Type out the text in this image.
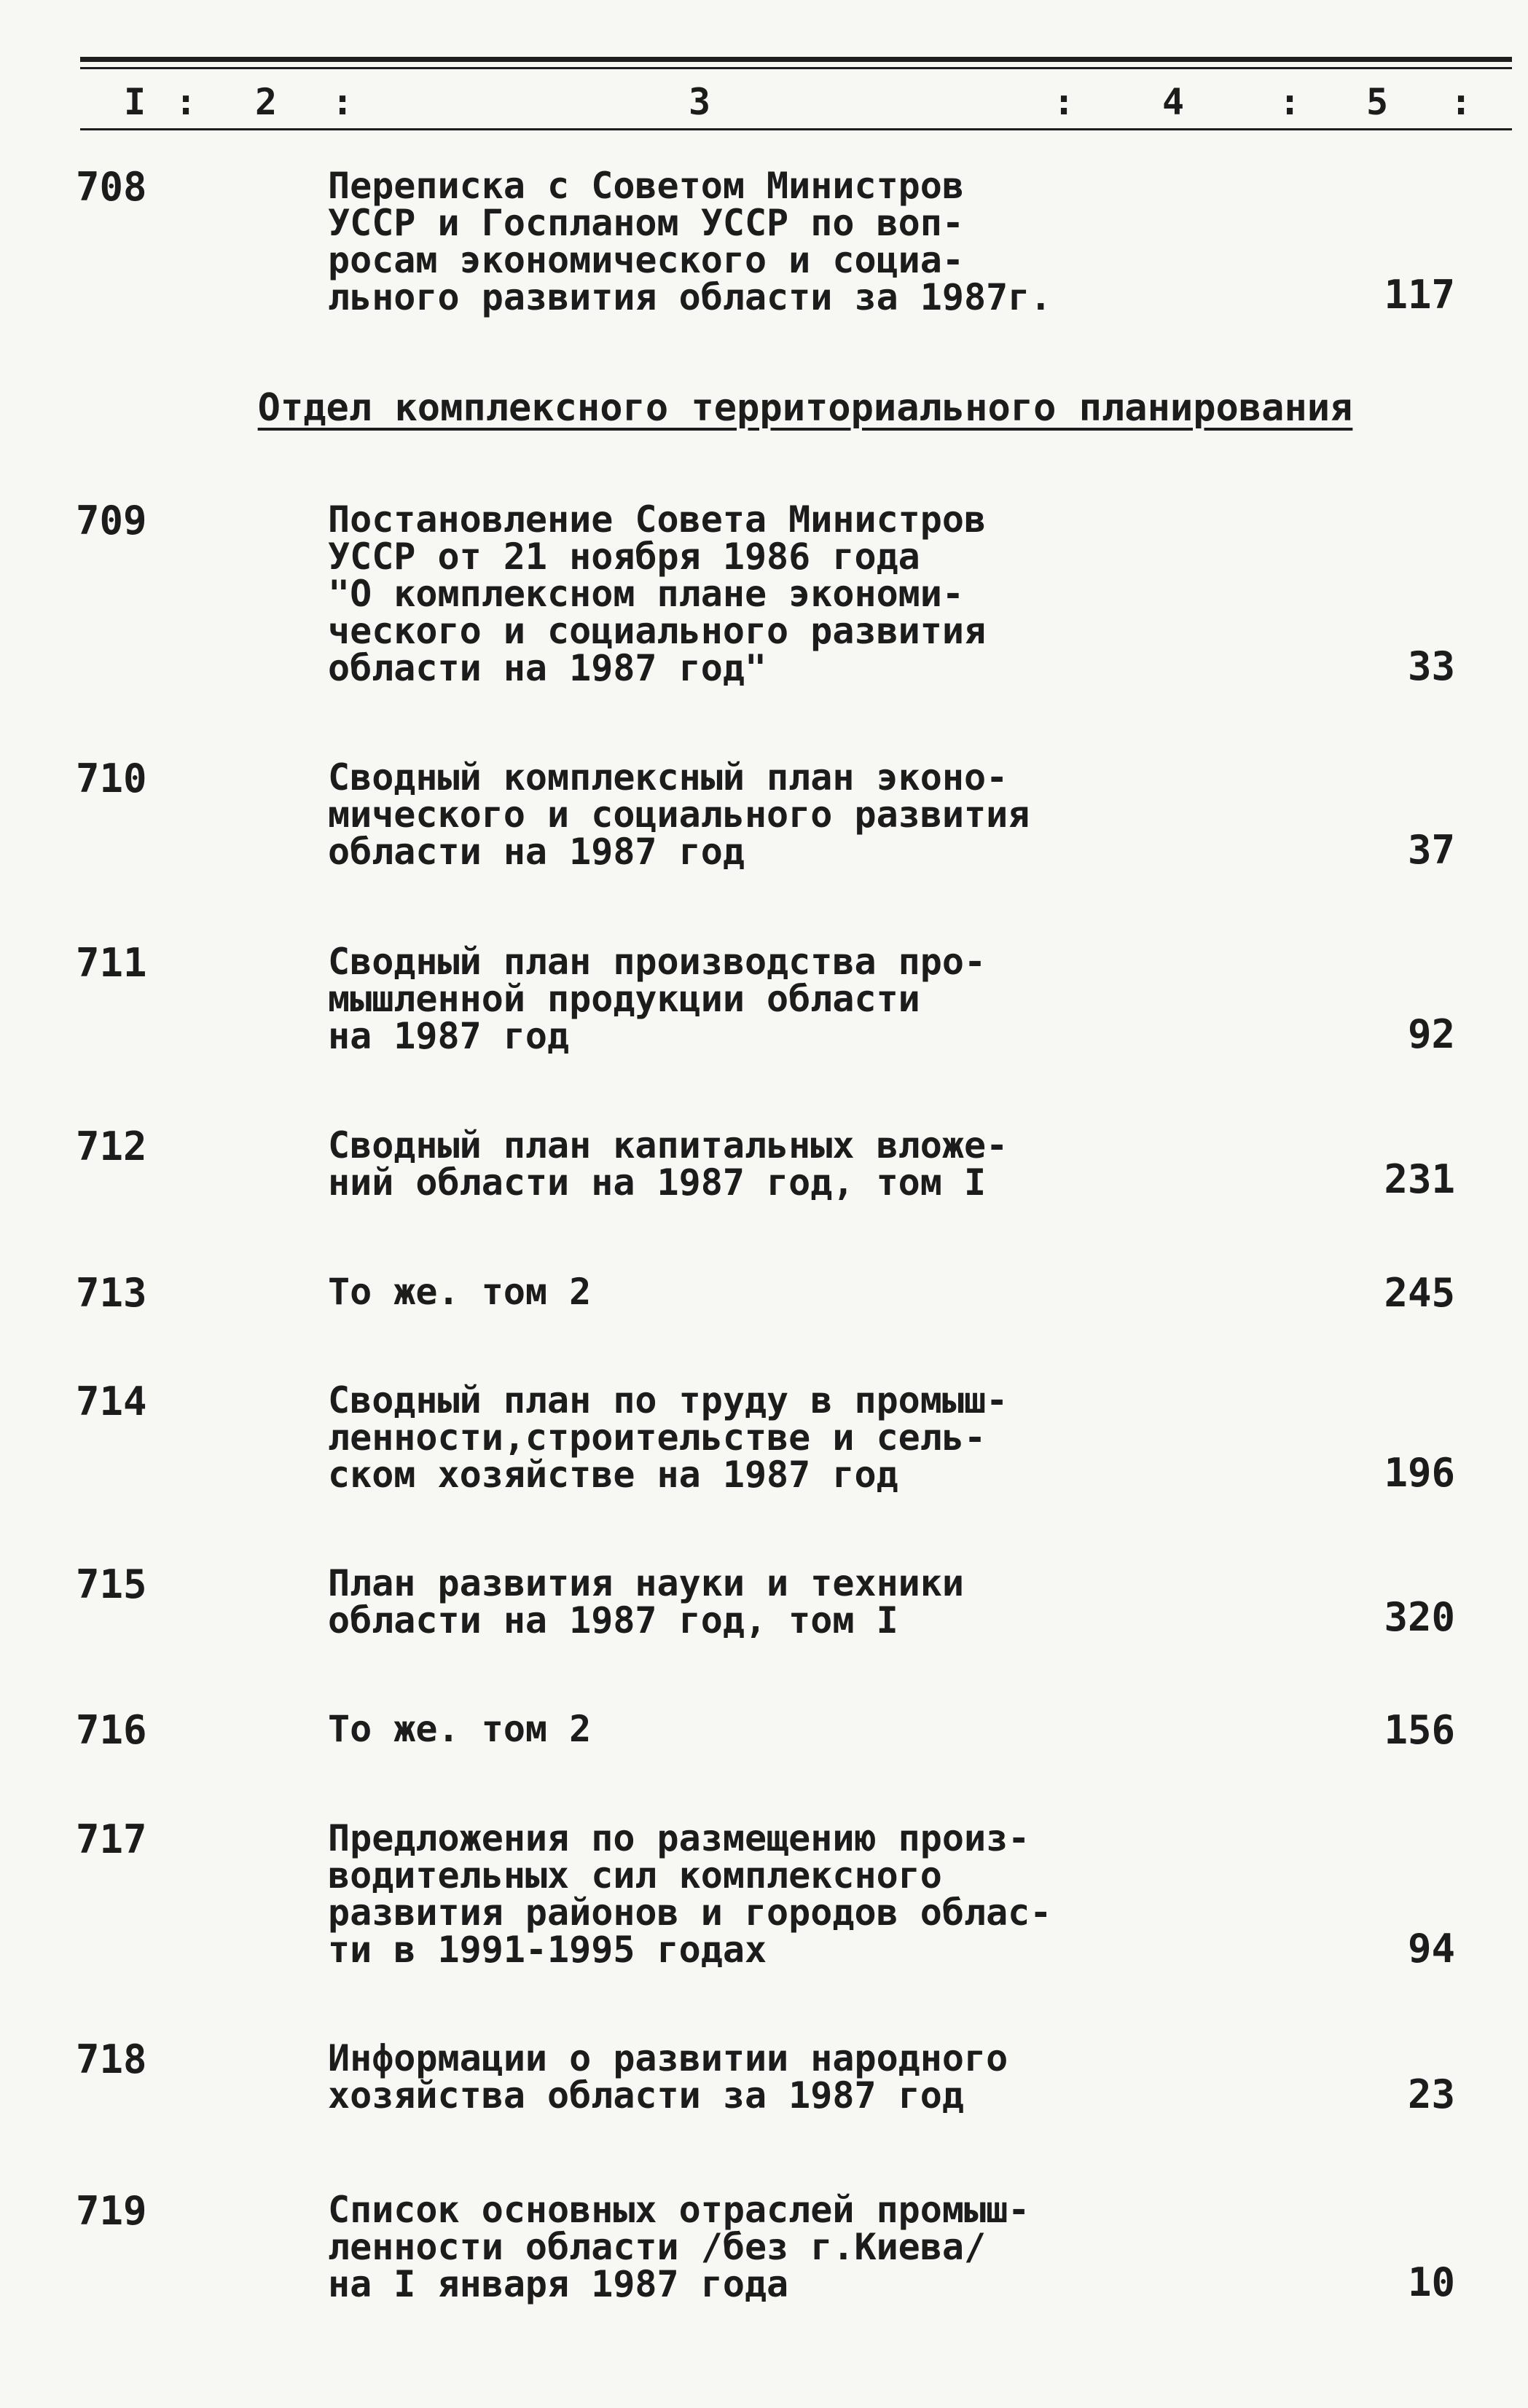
I : 2 :	3	: 4	: 5 :
708	Переписка с Советом Министров
УССР и Госпланом УССР по воп-
росам экономического и социа-
льного развития области за 1987г.	117
Отдел комплексного территориального планирования
709	Постановление Совета Министров
УССР от 21 ноября 1986 года
"О комплексном плане экономи-
ческого и социального развития
области на 1987 год"	33
710	Сводный комплексный план эконо-
мического и социального развития
области на 1987 год	37
711	Сводный план производства про-
мышленной продукции области
на 1987 год	92
712	Сводный план капитальных вложе-
ний области на 1987 год, том I	231
713	То же. том 2	245
714	Сводный план по труду в промыш-
ленности,строительстве и сель-
ском хозяйстве на 1987 год	196
715	План развития науки и техники
области на 1987 год, том I	320
716	То же. том 2	156
717	Предложения по размещению произ-
водительных сил комплексного
развития районов и городов облас-
ти в 1991-1995 годах	94
718	Информации о развитии народного
хозяйства области за 1987 год	23
719	Список основных отраслей промыш-
ленности области /без г.Киева/
на I января 1987 года	10
